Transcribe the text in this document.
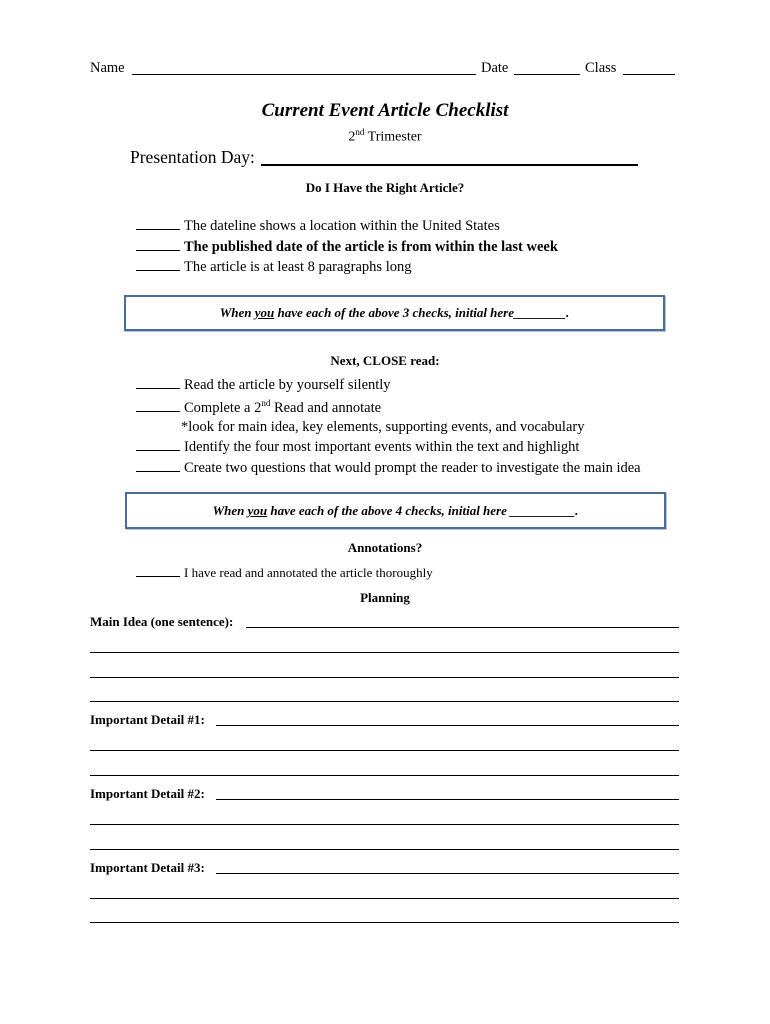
Name	Date	Class
Current Event Article Checklist
2nd Trimester
Presentation Day:
Do I Have the Right Article?
The dateline shows a location within the United States
The published date of the article is from within the last week
The article is at least 8 paragraphs long
When you have each of the above 3 checks, initial here________.
Next, CLOSE read:
Read the article by yourself silently
Complete a 2nd Read and annotate
*look for main idea, key elements, supporting events, and vocabulary
Identify the four most important events within the text and highlight
Create two questions that would prompt the reader to investigate the main idea
When you have each of the above 4 checks, initial here __________.
Annotations?
I have read and annotated the article thoroughly
Planning
Main Idea (one sentence):
Important Detail #1:
Important Detail #2:
Important Detail #3:
